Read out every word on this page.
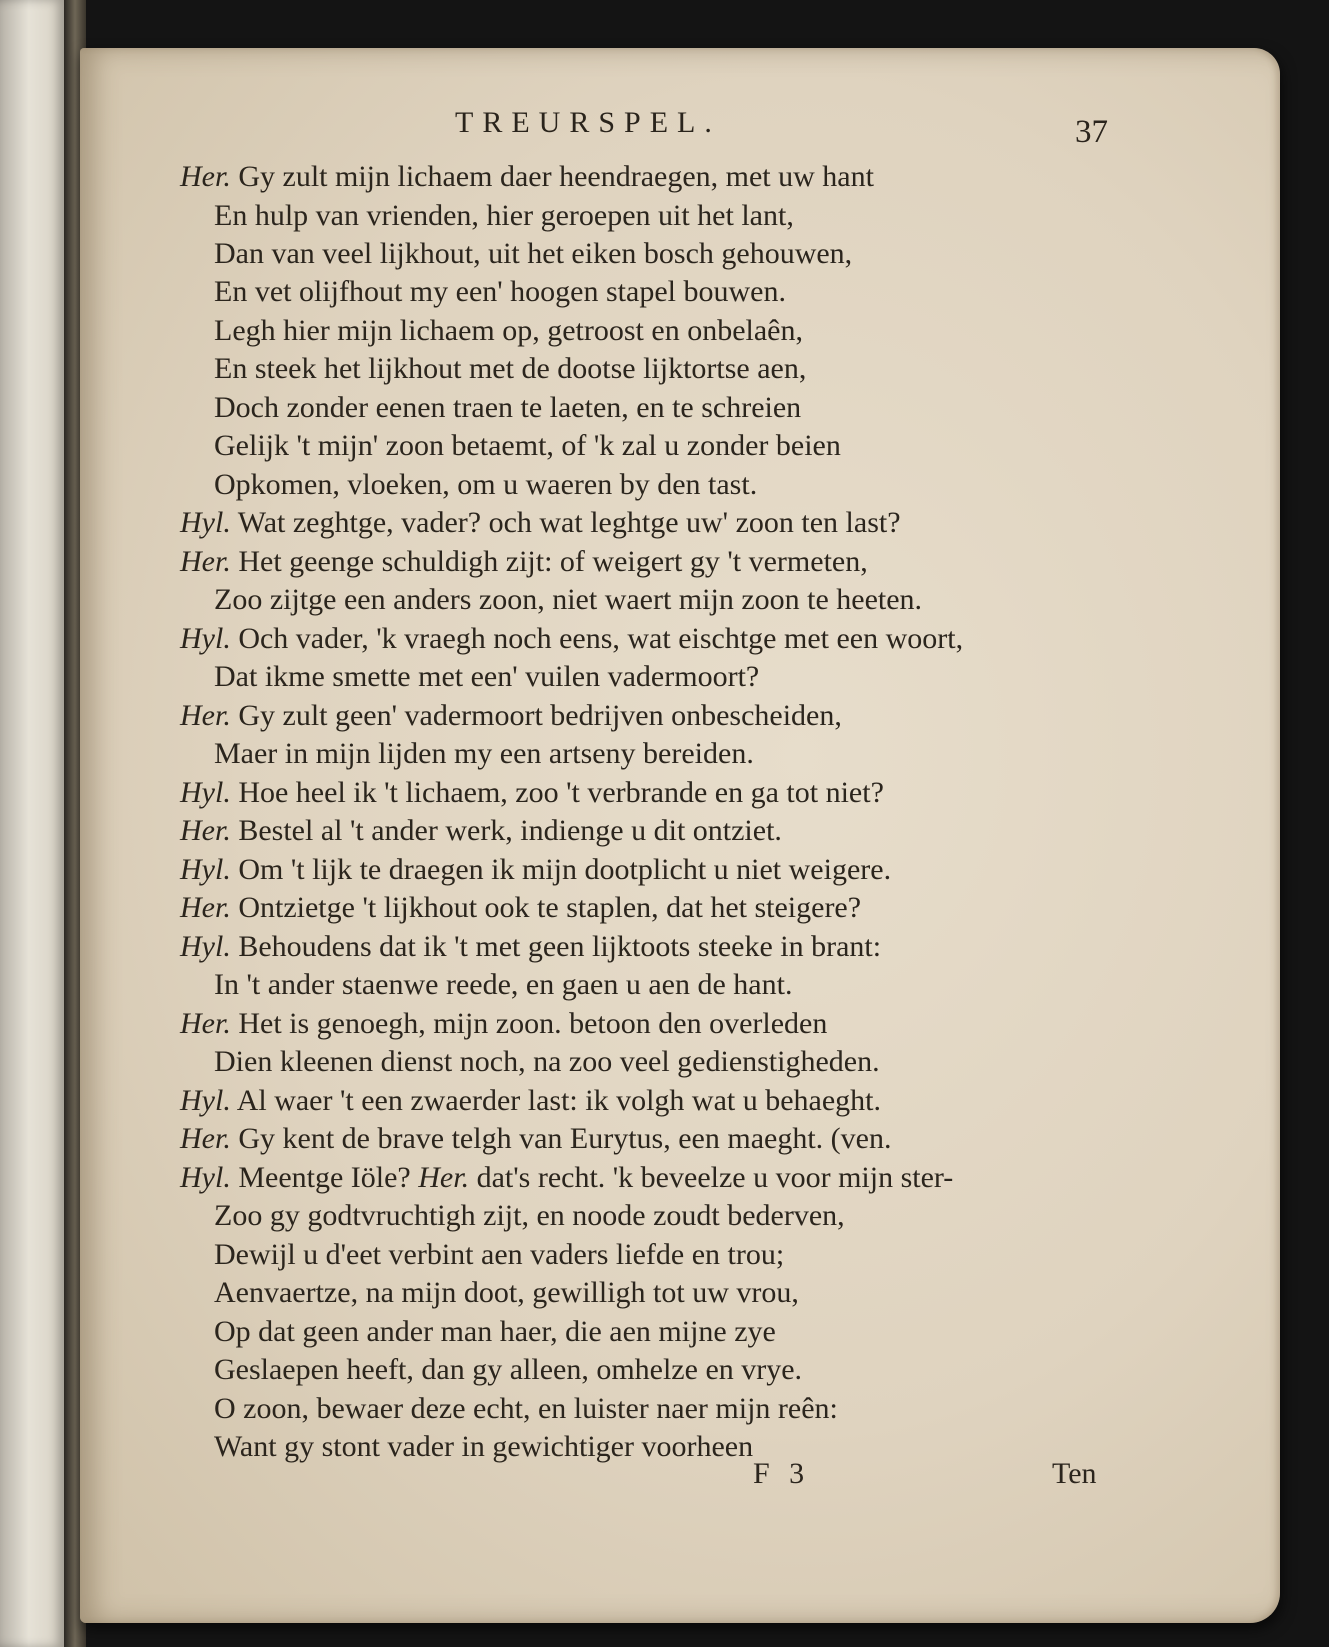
TREURSPEL.	37
Her. Gy zult mijn lichaem daer heendraegen, met uw hant
En hulp van vrienden, hier geroepen uit het lant,
Dan van veel lijkhout, uit het eiken bosch gehouwen,
En vet olijfhout my een' hoogen stapel bouwen.
Legh hier mijn lichaem op, getroost en onbelaên,
En steek het lijkhout met de dootse lijktortse aen,
Doch zonder eenen traen te laeten, en te schreien
Gelijk 't mijn' zoon betaemt, of 'k zal u zonder beien
Opkomen, vloeken, om u waeren by den tast.
Hyl. Wat zeghtge, vader? och wat leghtge uw' zoon ten last?
Her. Het geenge schuldigh zijt: of weigert gy 't vermeten,
Zoo zijtge een anders zoon, niet waert mijn zoon te heeten.
Hyl. Och vader, 'k vraegh noch eens, wat eischtge met een woort,
Dat ikme smette met een' vuilen vadermoort?
Her. Gy zult geen' vadermoort bedrijven onbescheiden,
Maer in mijn lijden my een artseny bereiden.
Hyl. Hoe heel ik 't lichaem, zoo 't verbrande en ga tot niet?
Her. Bestel al 't ander werk, indienge u dit ontziet.
Hyl. Om 't lijk te draegen ik mijn dootplicht u niet weigere.
Her. Ontzietge 't lijkhout ook te staplen, dat het steigere?
Hyl. Behoudens dat ik 't met geen lijktoots steeke in brant:
In 't ander staenwe reede, en gaen u aen de hant.
Her. Het is genoegh, mijn zoon. betoon den overleden
Dien kleenen dienst noch, na zoo veel gedienstigheden.
Hyl. Al waer 't een zwaerder last: ik volgh wat u behaeght.
Her. Gy kent de brave telgh van Eurytus, een maeght. (ven.
Hyl. Meentge Iöle? Her. dat's recht. 'k beveelze u voor mijn ster-
Zoo gy godtvruchtigh zijt, en noode zoudt bederven,
Dewijl u d'eet verbint aen vaders liefde en trou;
Aenvaertze, na mijn doot, gewilligh tot uw vrou,
Op dat geen ander man haer, die aen mijne zye
Geslaepen heeft, dan gy alleen, omhelze en vrye.
O zoon, bewaer deze echt, en luister naer mijn reên:
Want gy stont vader in gewichtiger voorheen
F 3	Ten
